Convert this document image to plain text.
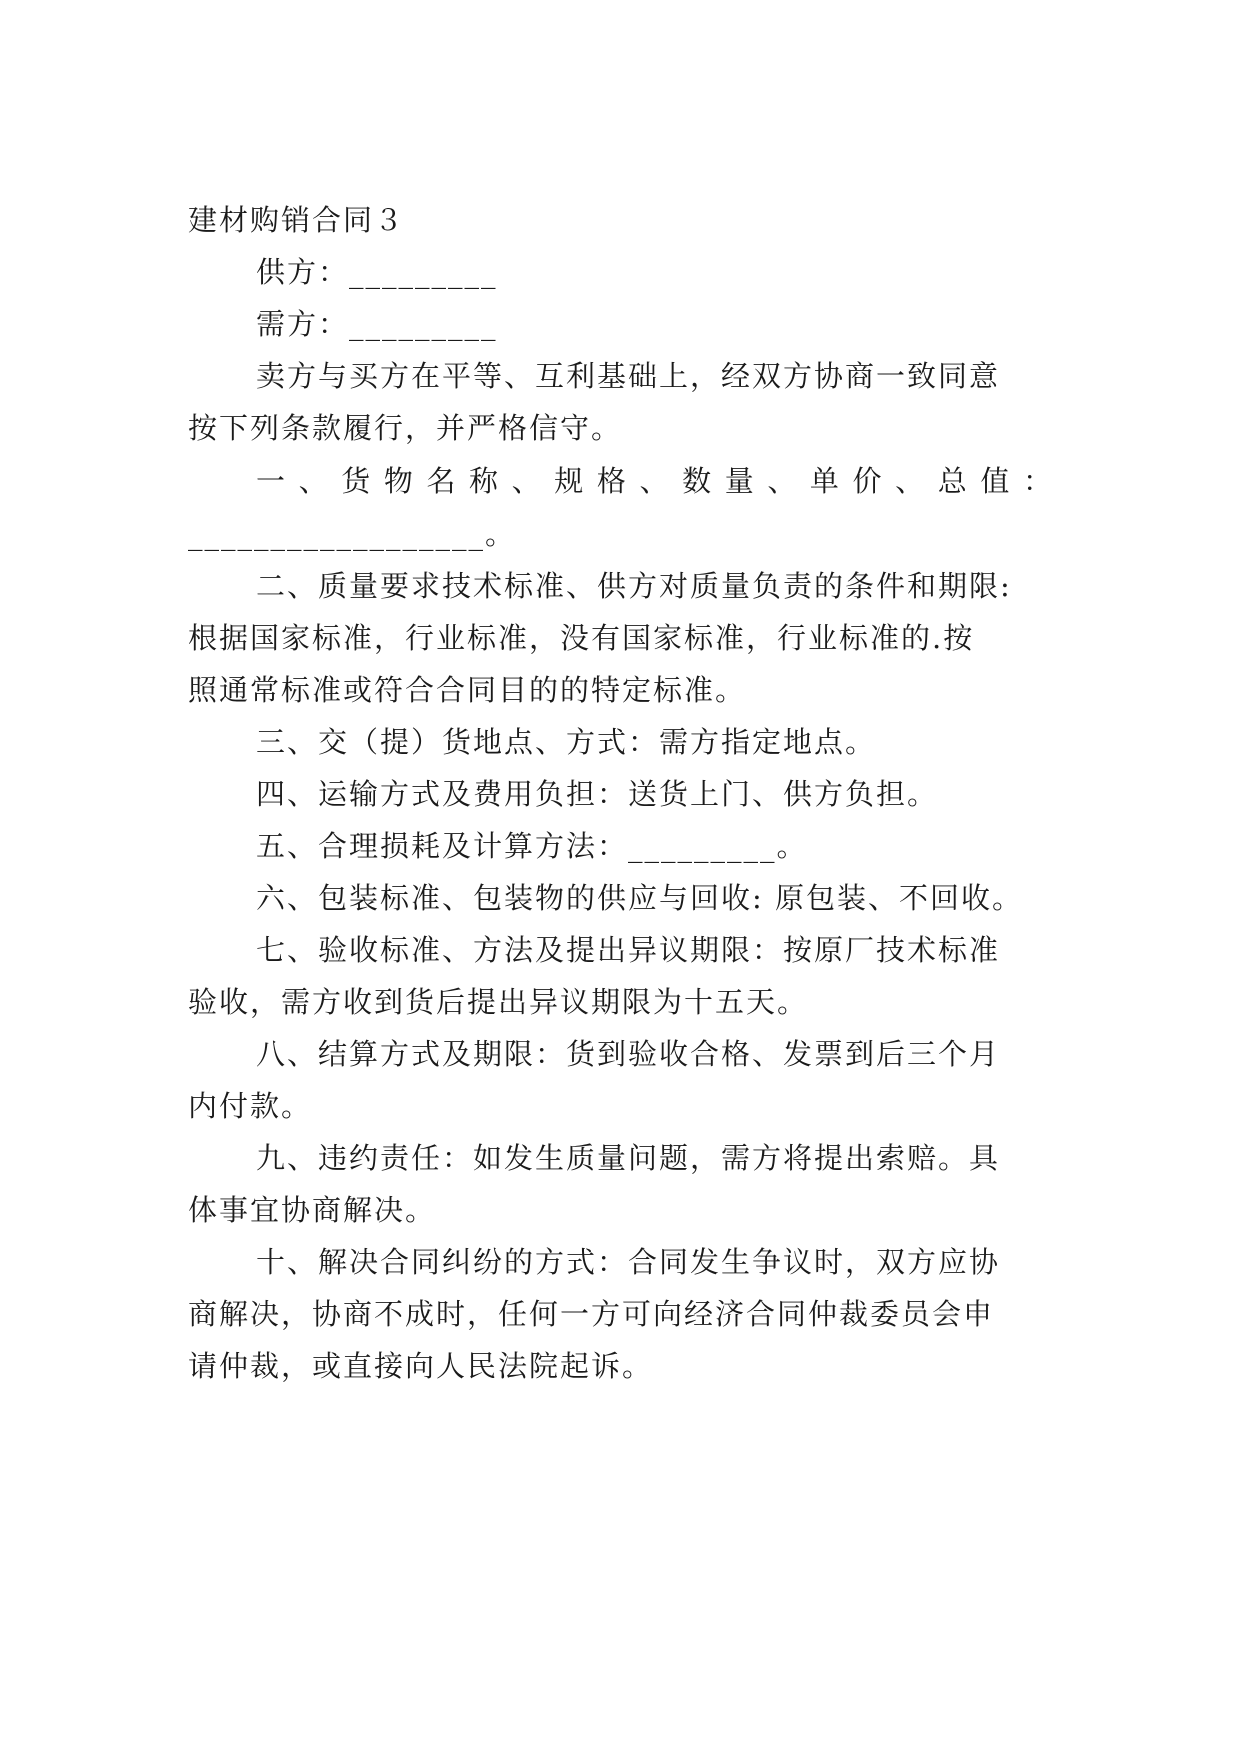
建材购销合同３
供方：_________
需方：_________
卖方与买方在平等、互利基础上，经双方协商一致同意
按下列条款履行，并严格信守。
一 、 货 物 名 称 、 规 格 、 数 量 、 单 价 、 总 值 ：
__________________。
二、质量要求技术标准、供方对质量负责的条件和期限:
根据国家标准，行业标准，没有国家标准，行业标准的.按
照通常标准或符合合同目的的特定标准。
三、交（提）货地点、方式：需方指定地点。
四、运输方式及费用负担：送货上门、供方负担。
五、合理损耗及计算方法：_________。
六、包装标准、包装物的供应与回收: 原包装、不回收。
七、验收标准、方法及提出异议期限：按原厂技术标准
验收，需方收到货后提出异议期限为十五天。
八、结算方式及期限：货到验收合格、发票到后三个月
内付款。
九、违约责任：如发生质量问题，需方将提出索赔。具
体事宜协商解决。
十、解决合同纠纷的方式：合同发生争议时，双方应协
商解决，协商不成时，任何一方可向经济合同仲裁委员会申
请仲裁，或直接向人民法院起诉。
